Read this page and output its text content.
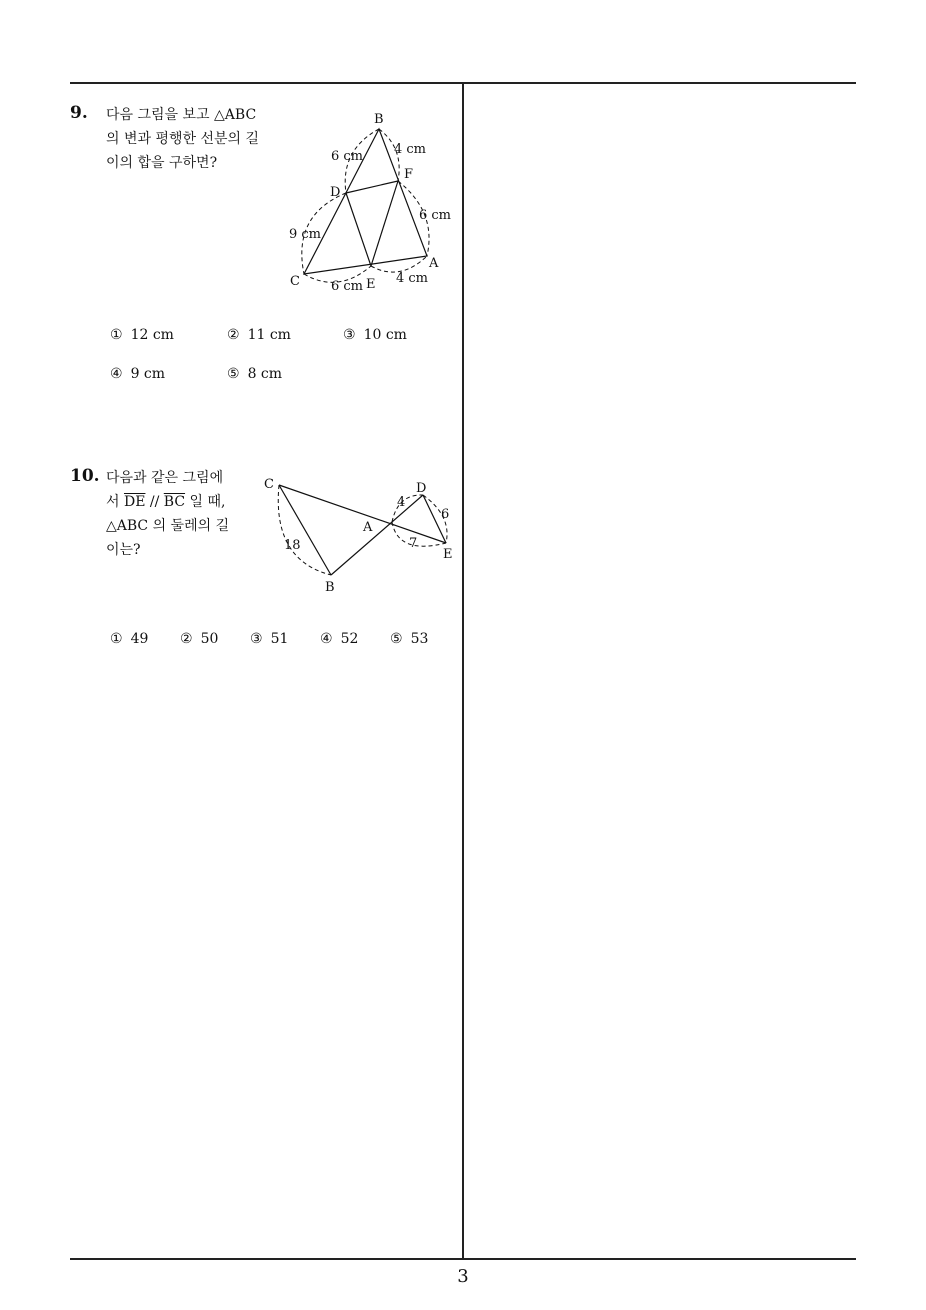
9. 다음 그림을 보고 △ABC
의 변과 평행한 선분의 길
이의 합을 구하면?
B
D
F
A
C	E
6 cm 4 cm
6 cm
9 cm
6 cm
4 cm
① 12 cm	② 11 cm	③ 10 cm
④ 9 cm	⑤ 8 cm
10. 다음과 같은 그림에
서 $\overline{DE} // \overline{BC}$ 일 때,
△ABC 의 둘레의 길
이는?
C	D
A
E
B
18
4
6
7
① 49 ② 50 ③ 51 ④ 52 ⑤ 53
3
